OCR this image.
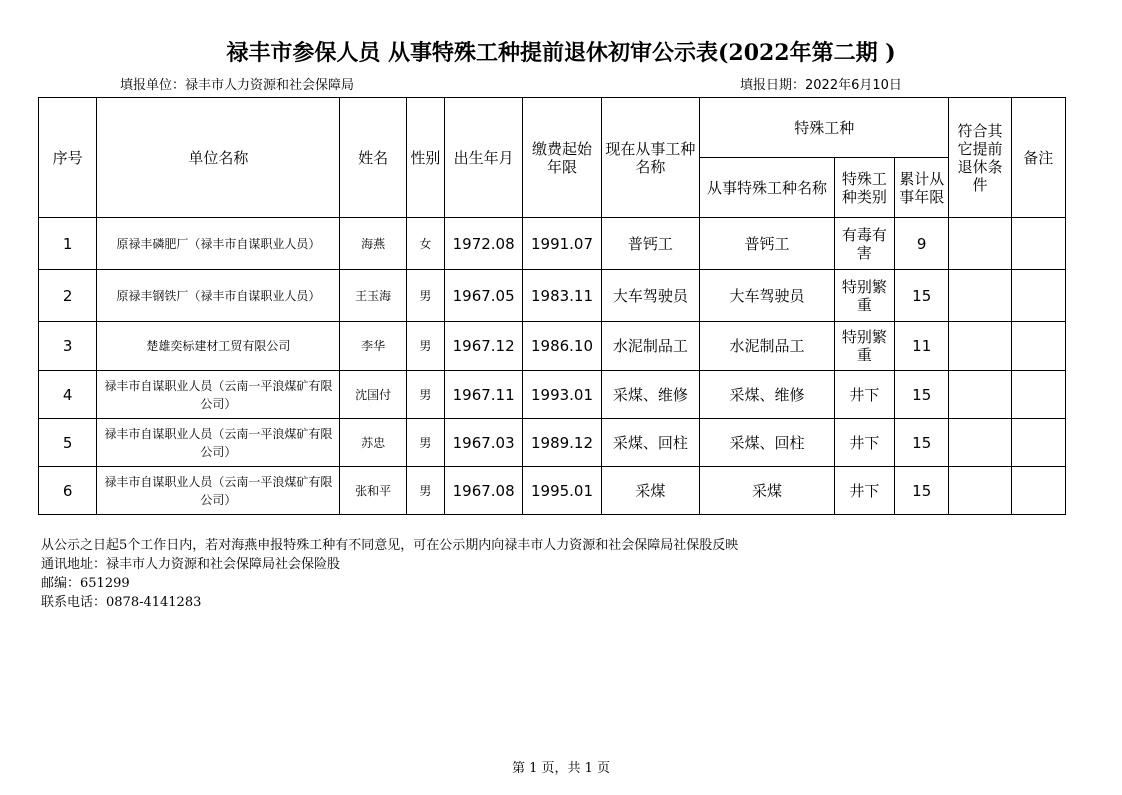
禄丰市参保人员 从事特殊工种提前退休初审公示表(2022年第二期 )
填报单位：禄丰市人力资源和社会保障局	填报日期：2022年6月10日
序号	单位名称	姓名	性别	出生年月	缴费起始年限	现在从事工种名称	特殊工种			符合其它提前退休条件	备注
							从事特殊工种名称	特殊工种类别	累计从事年限		
1	原禄丰磷肥厂（禄丰市自谋职业人员）	海燕	女	1972.08	1991.07	普钙工	普钙工	有毒有害	9		
2	原禄丰钢铁厂（禄丰市自谋职业人员）	王玉海	男	1967.05	1983.11	大车驾驶员	大车驾驶员	特别繁重	15		
3	楚雄奕标建材工贸有限公司	李华	男	1967.12	1986.10	水泥制品工	水泥制品工	特别繁重	11		
4	禄丰市自谋职业人员（云南一平浪煤矿有限公司）	沈国付	男	1967.11	1993.01	采煤、维修	采煤、维修	井下	15		
5	禄丰市自谋职业人员（云南一平浪煤矿有限公司）	苏忠	男	1967.03	1989.12	采煤、回柱	采煤、回柱	井下	15		
6	禄丰市自谋职业人员（云南一平浪煤矿有限公司）	张和平	男	1967.08	1995.01	采煤	采煤	井下	15		
从公示之日起5个工作日内，若对海燕申报特殊工种有不同意见，可在公示期内向禄丰市人力资源和社会保障局社保股反映
通讯地址：禄丰市人力资源和社会保障局社会保险股
邮编：651299
联系电话：0878-4141283
第 1 页，共 1 页
